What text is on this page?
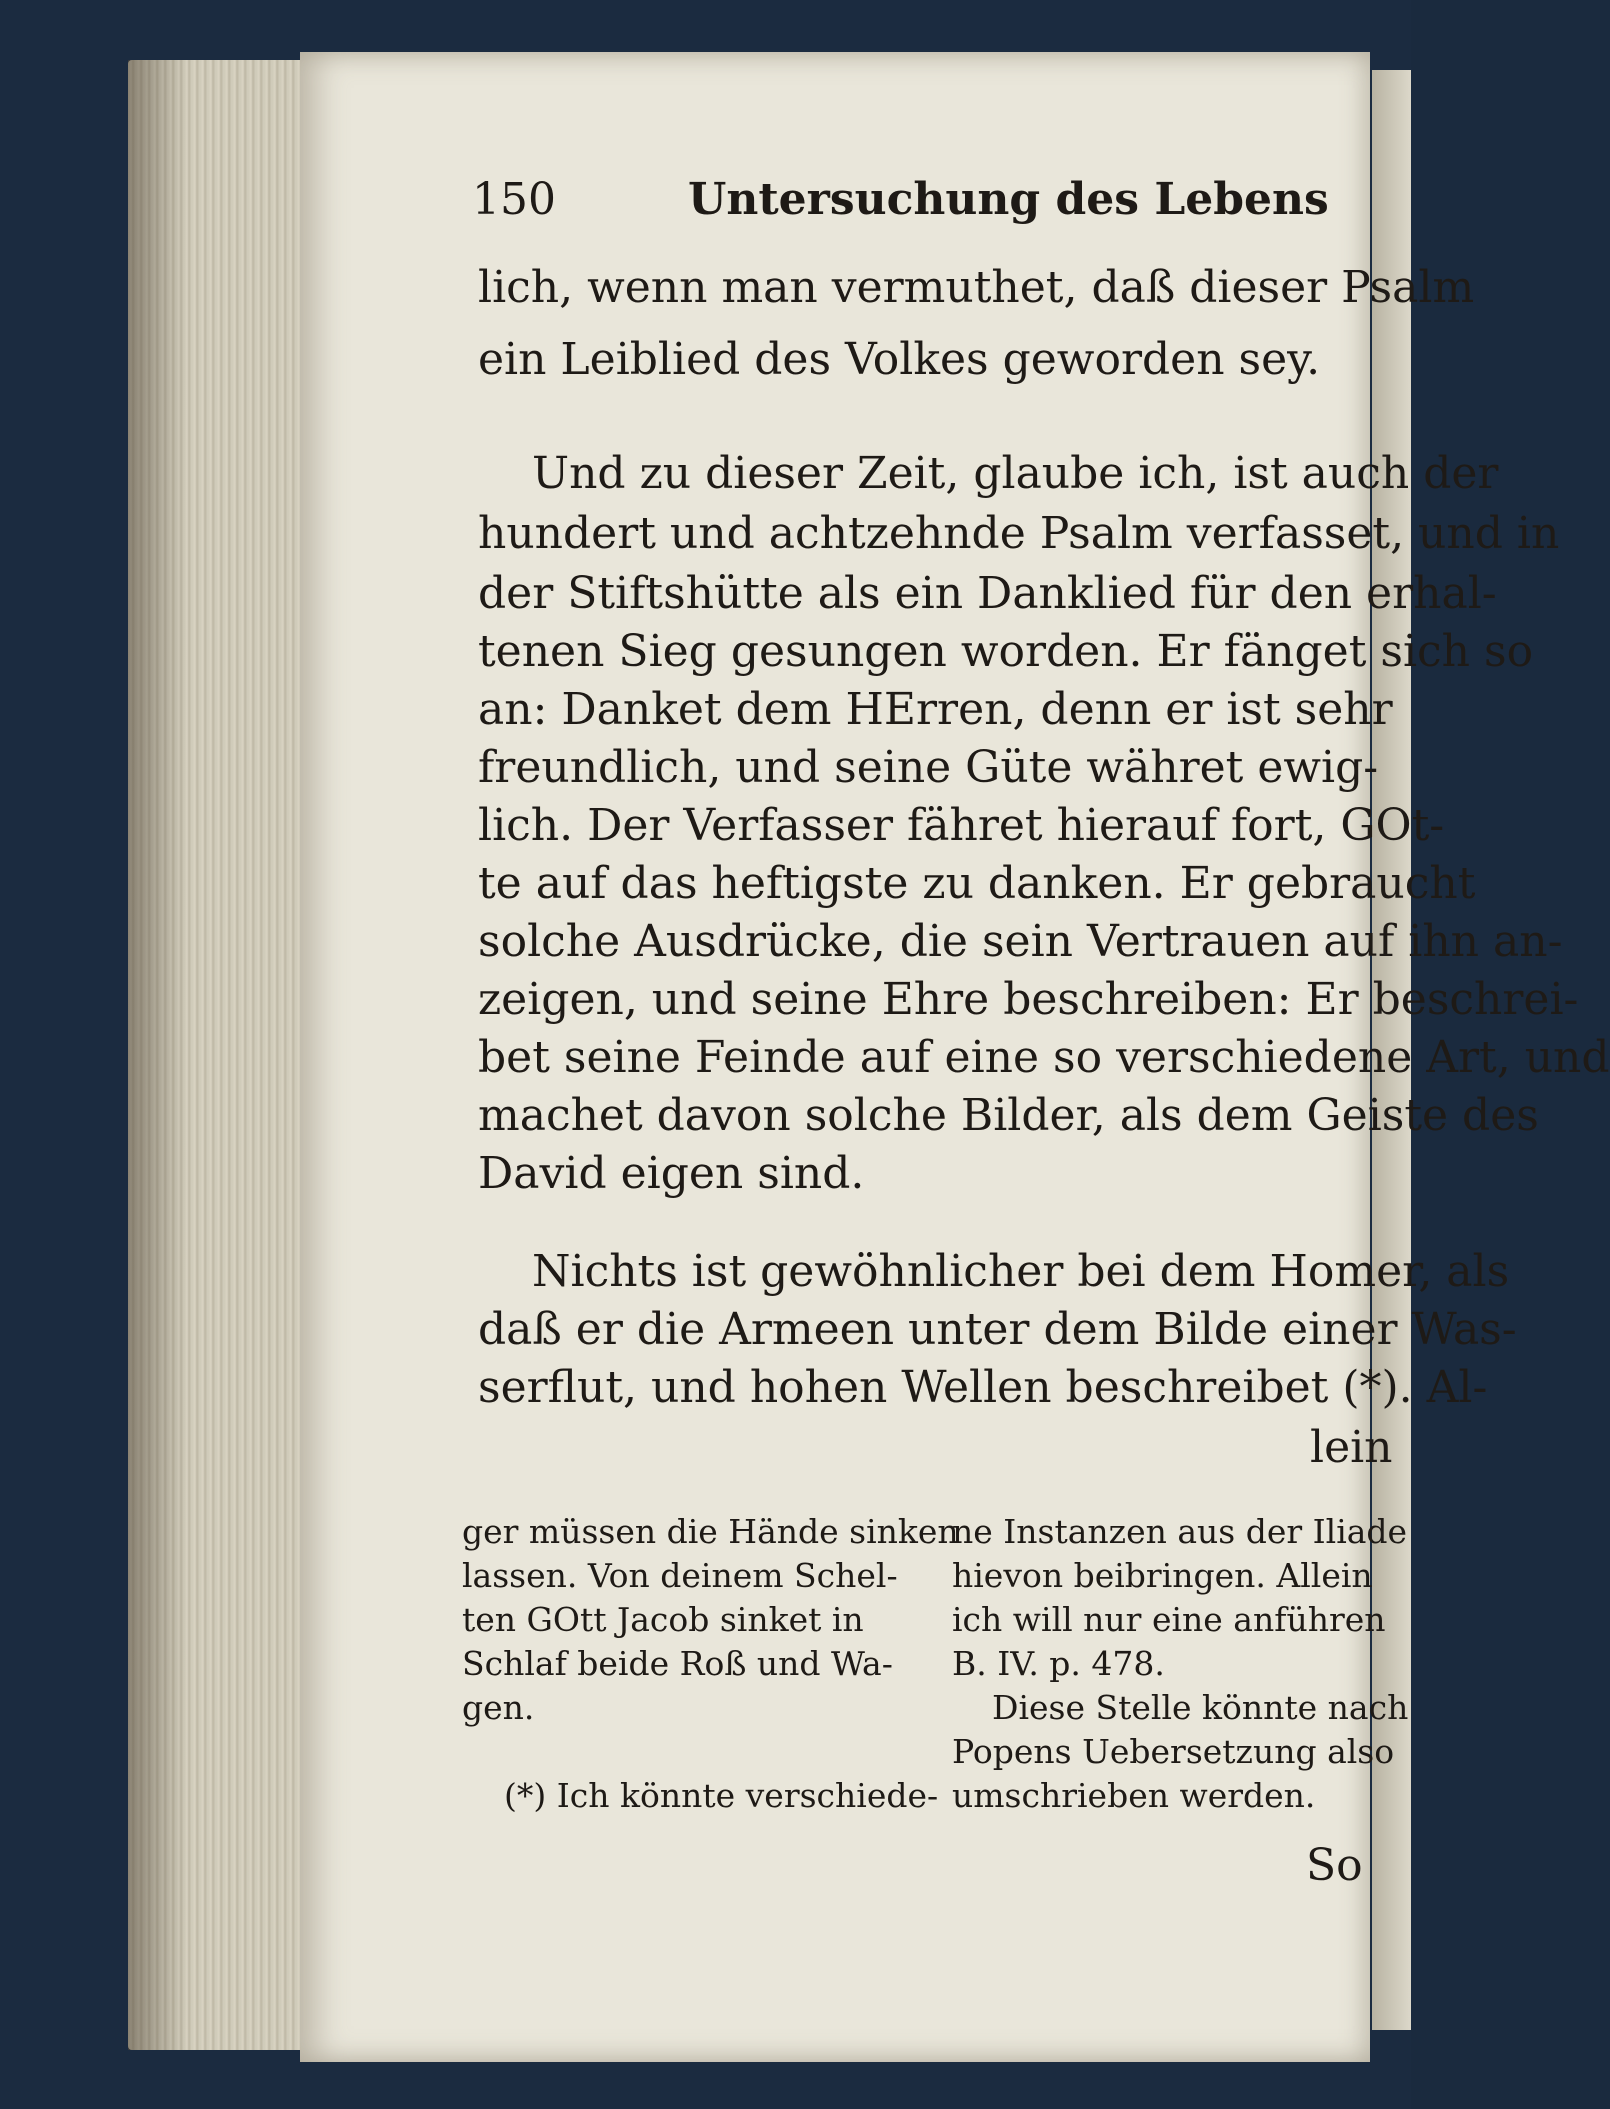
150	Untersuchung des Lebens
lich, wenn man vermuthet, daß dieser Psalm
ein Leiblied des Volkes geworden sey.
Und zu dieser Zeit, glaube ich, ist auch der
hundert und achtzehnde Psalm verfasset, und in
der Stiftshütte als ein Danklied für den erhal-
tenen Sieg gesungen worden. Er fänget sich so
an: Danket dem HErren, denn er ist sehr
freundlich, und seine Güte währet ewig-
lich. Der Verfasser fähret hierauf fort, GOt-
te auf das heftigste zu danken. Er gebraucht
solche Ausdrücke, die sein Vertrauen auf ihn an-
zeigen, und seine Ehre beschreiben: Er beschrei-
bet seine Feinde auf eine so verschiedene Art, und
machet davon solche Bilder, als dem Geiste des
David eigen sind.
Nichts ist gewöhnlicher bei dem Homer, als
daß er die Armeen unter dem Bilde einer Was-
serflut, und hohen Wellen beschreibet (*). Al-
lein
ger müssen die Hände sinken
lassen. Von deinem Schel-
ten GOtt Jacob sinket in
Schlaf beide Roß und Wa-
gen.
(*) Ich könnte verschiede-
ne Instanzen aus der Iliade
hievon beibringen. Allein
ich will nur eine anführen
B. IV. p. 478.
Diese Stelle könnte nach
Popens Uebersetzung also
umschrieben werden.
So
